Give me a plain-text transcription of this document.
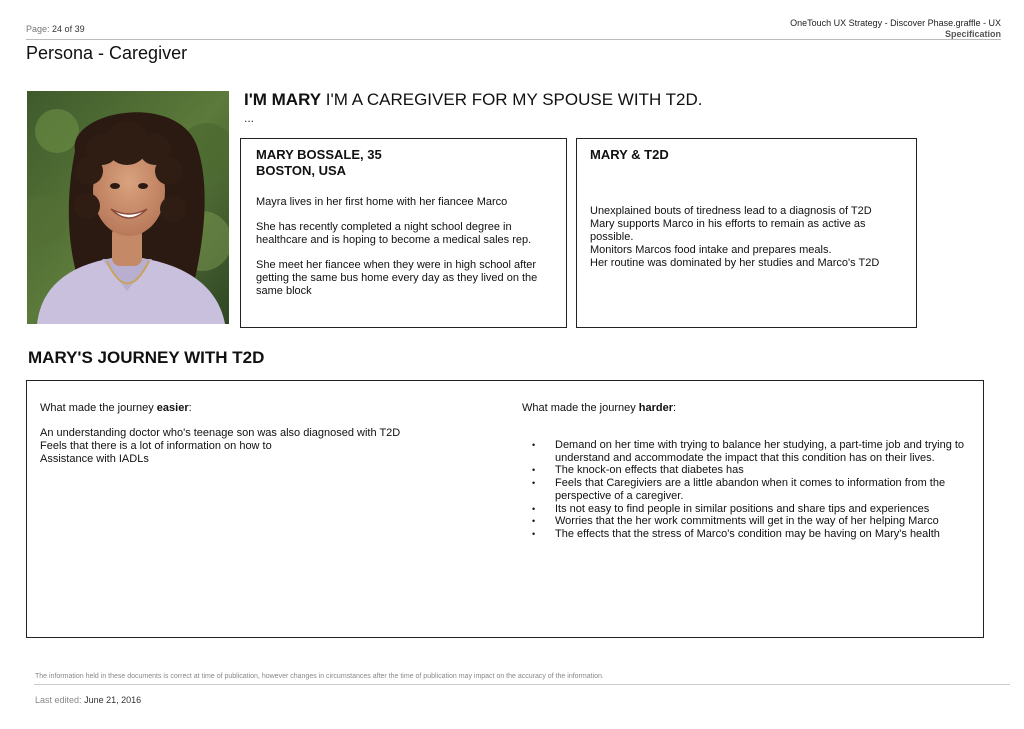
Page: 24 of 39
OneTouch UX Strategy - Discover Phase.graffle - UX
Specification
Persona - Caregiver
I'M MARY I'M A CAREGIVER FOR MY SPOUSE WITH T2D.
...
MARY BOSSALE, 35
BOSTON, USA
Mayra lives in her first home with her fiancee Marco
She has recently completed a night school degree in healthcare and is hoping to become a medical sales rep.
She meet her fiancee when they were in high school after getting the same bus home every day as they lived on the same block
MARY & T2D
Unexplained bouts of tiredness lead to a diagnosis of T2D
Mary supports Marco in his efforts to remain as active as possible.
Monitors Marcos food intake and prepares meals.
Her routine was dominated by her studies and Marco's T2D
MARY'S JOURNEY WITH T2D
What made the journey easier:
An understanding doctor who's teenage son was also diagnosed with T2D
Feels that there is a lot of information on how to
Assistance with IADLs
What made the journey harder:
• Demand on her time with trying to balance her studying, a part-time job and trying to understand and accommodate the impact that this condition has on their lives.
• The knock-on effects that diabetes has
• Feels that Caregiviers are a little abandon when it comes to information from the perspective of a caregiver.
• Its not easy to find people in similar positions and share tips and experiences
• Worries that the her work commitments will get in the way of her helping Marco
• The effects that the stress of Marco's condition may be having on Mary's health
The information held in these documents is correct at time of publication, however changes in circumstances after the time of publication may impact on the accuracy of the information.
Last edited: June 21, 2016
